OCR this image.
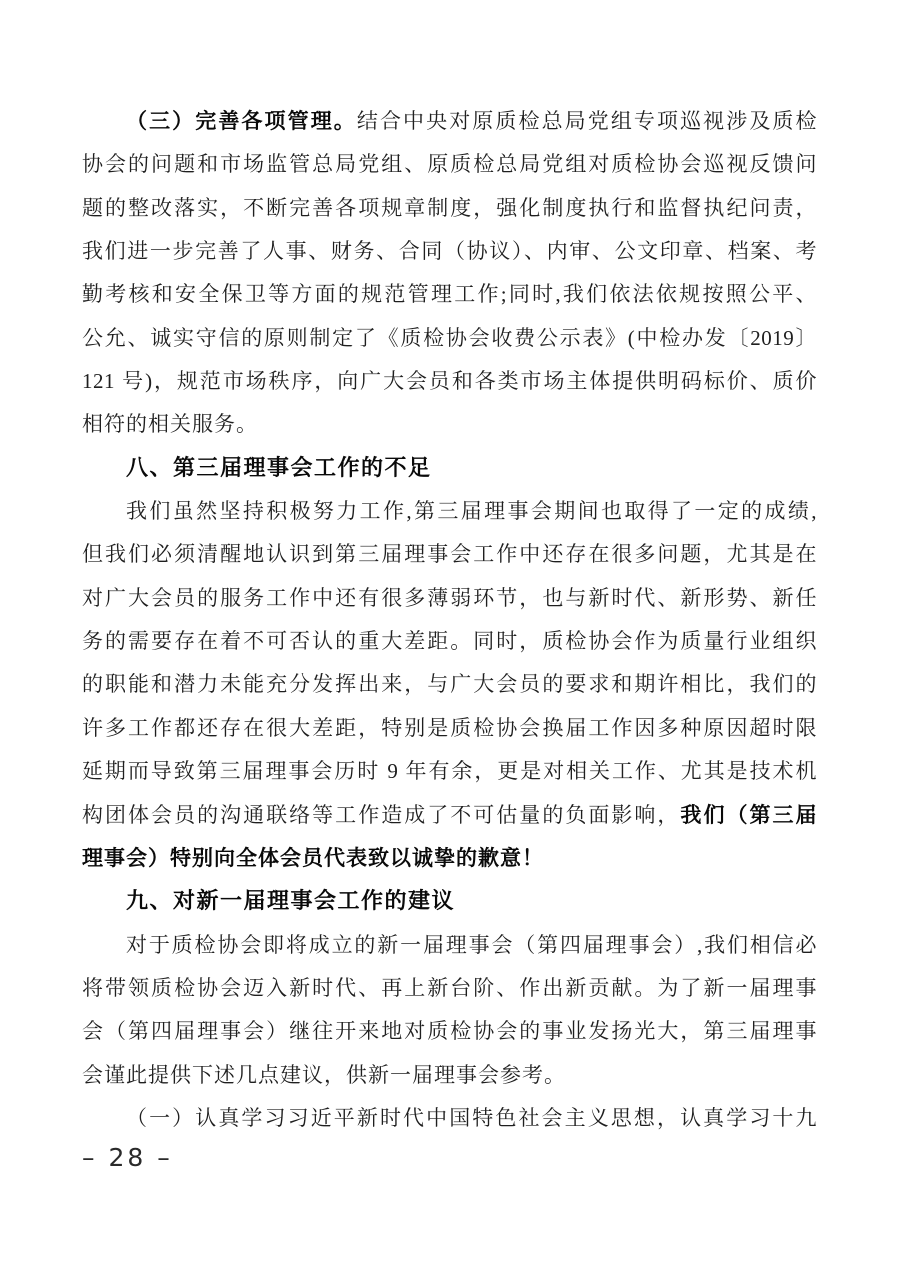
（三）完善各项管理。结合中央对原质检总局党组专项巡视涉及质检
协会的问题和市场监管总局党组、原质检总局党组对质检协会巡视反馈问
题的整改落实，不断完善各项规章制度，强化制度执行和监督执纪问责，
我们进一步完善了人事、财务、合同（协议）、内审、公文印章、档案、考
勤考核和安全保卫等方面的规范管理工作;同时,我们依法依规按照公平、
公允、诚实守信的原则制定了《质检协会收费公示表》(中检办发〔2019〕
121 号)，规范市场秩序，向广大会员和各类市场主体提供明码标价、质价
相符的相关服务。
八、第三届理事会工作的不足
我们虽然坚持积极努力工作,第三届理事会期间也取得了一定的成绩,
但我们必须清醒地认识到第三届理事会工作中还存在很多问题，尤其是在
对广大会员的服务工作中还有很多薄弱环节，也与新时代、新形势、新任
务的需要存在着不可否认的重大差距。同时，质检协会作为质量行业组织
的职能和潜力未能充分发挥出来，与广大会员的要求和期许相比，我们的
许多工作都还存在很大差距，特别是质检协会换届工作因多种原因超时限
延期而导致第三届理事会历时 9 年有余，更是对相关工作、尤其是技术机
构团体会员的沟通联络等工作造成了不可估量的负面影响，我们（第三届
理事会）特别向全体会员代表致以诚挚的歉意！
九、对新一届理事会工作的建议
对于质检协会即将成立的新一届理事会（第四届理事会）,我们相信必
将带领质检协会迈入新时代、再上新台阶、作出新贡献。为了新一届理事
会（第四届理事会）继往开来地对质检协会的事业发扬光大，第三届理事
会谨此提供下述几点建议，供新一届理事会参考。
（一）认真学习习近平新时代中国特色社会主义思想，认真学习十九
– 28 –
